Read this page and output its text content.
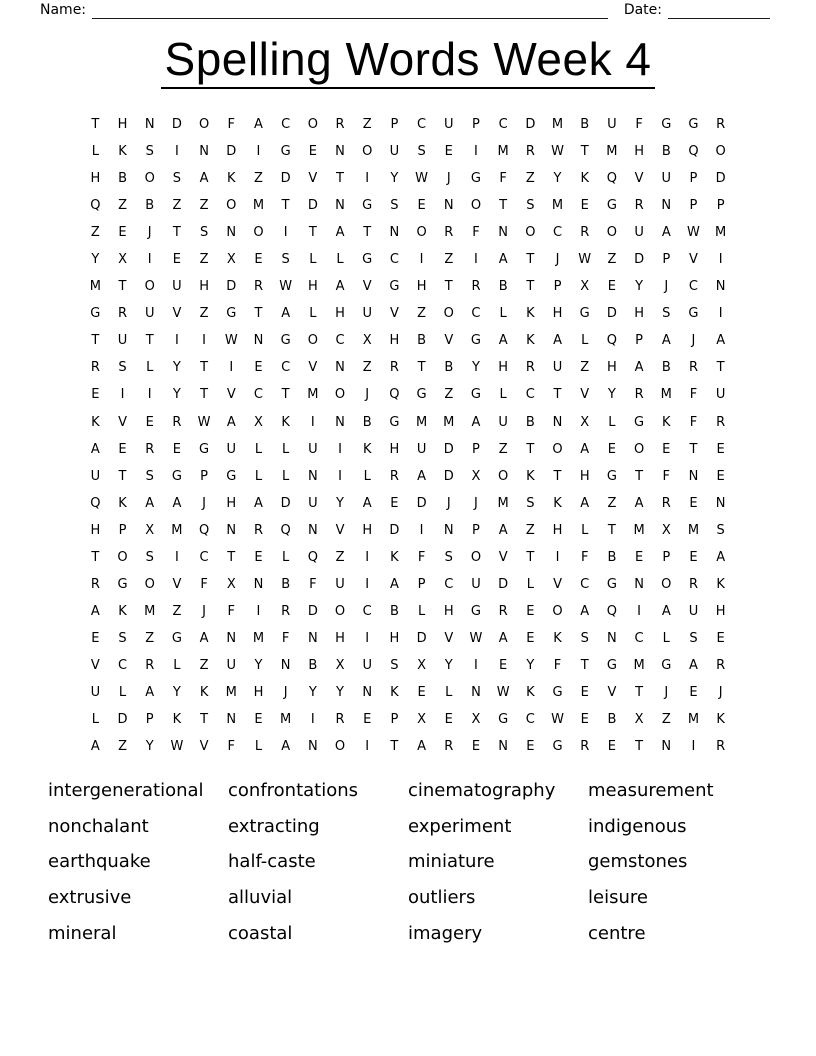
Name:	Date:
Spelling Words Week 4
T	H	N	D	O	F	A	C	O	R	Z	P	C	U	P	C	D	M	B	U	F	G	G	R
L	K	S	I	N	D	I	G	E	N	O	U	S	E	I	M	R	W	T	M	H	B	Q	O
H	B	O	S	A	K	Z	D	V	T	I	Y	W	J	G	F	Z	Y	K	Q	V	U	P	D
Q	Z	B	Z	Z	O	M	T	D	N	G	S	E	N	O	T	S	M	E	G	R	N	P	P
Z	E	J	T	S	N	O	I	T	A	T	N	O	R	F	N	O	C	R	O	U	A	W	M
Y	X	I	E	Z	X	E	S	L	L	G	C	I	Z	I	A	T	J	W	Z	D	P	V	I
M	T	O	U	H	D	R	W	H	A	V	G	H	T	R	B	T	P	X	E	Y	J	C	N
G	R	U	V	Z	G	T	A	L	H	U	V	Z	O	C	L	K	H	G	D	H	S	G	I
T	U	T	I	I	W	N	G	O	C	X	H	B	V	G	A	K	A	L	Q	P	A	J	A
R	S	L	Y	T	I	E	C	V	N	Z	R	T	B	Y	H	R	U	Z	H	A	B	R	T
E	I	I	Y	T	V	C	T	M	O	J	Q	G	Z	G	L	C	T	V	Y	R	M	F	U
K	V	E	R	W	A	X	K	I	N	B	G	M	M	A	U	B	N	X	L	G	K	F	R
A	E	R	E	G	U	L	L	U	I	K	H	U	D	P	Z	T	O	A	E	O	E	T	E
U	T	S	G	P	G	L	L	N	I	L	R	A	D	X	O	K	T	H	G	T	F	N	E
Q	K	A	A	J	H	A	D	U	Y	A	E	D	J	J	M	S	K	A	Z	A	R	E	N
H	P	X	M	Q	N	R	Q	N	V	H	D	I	N	P	A	Z	H	L	T	M	X	M	S
T	O	S	I	C	T	E	L	Q	Z	I	K	F	S	O	V	T	I	F	B	E	P	E	A
R	G	O	V	F	X	N	B	F	U	I	A	P	C	U	D	L	V	C	G	N	O	R	K
A	K	M	Z	J	F	I	R	D	O	C	B	L	H	G	R	E	O	A	Q	I	A	U	H
E	S	Z	G	A	N	M	F	N	H	I	H	D	V	W	A	E	K	S	N	C	L	S	E
V	C	R	L	Z	U	Y	N	B	X	U	S	X	Y	I	E	Y	F	T	G	M	G	A	R
U	L	A	Y	K	M	H	J	Y	Y	N	K	E	L	N	W	K	G	E	V	T	J	E	J
L	D	P	K	T	N	E	M	I	R	E	P	X	E	X	G	C	W	E	B	X	Z	M	K
A	Z	Y	W	V	F	L	A	N	O	I	T	A	R	E	N	E	G	R	E	T	N	I	R
intergenerational
nonchalant
earthquake
extrusive
mineral
confrontations
extracting
half-caste
alluvial
coastal
cinematography
experiment
miniature
outliers
imagery
measurement
indigenous
gemstones
leisure
centre
